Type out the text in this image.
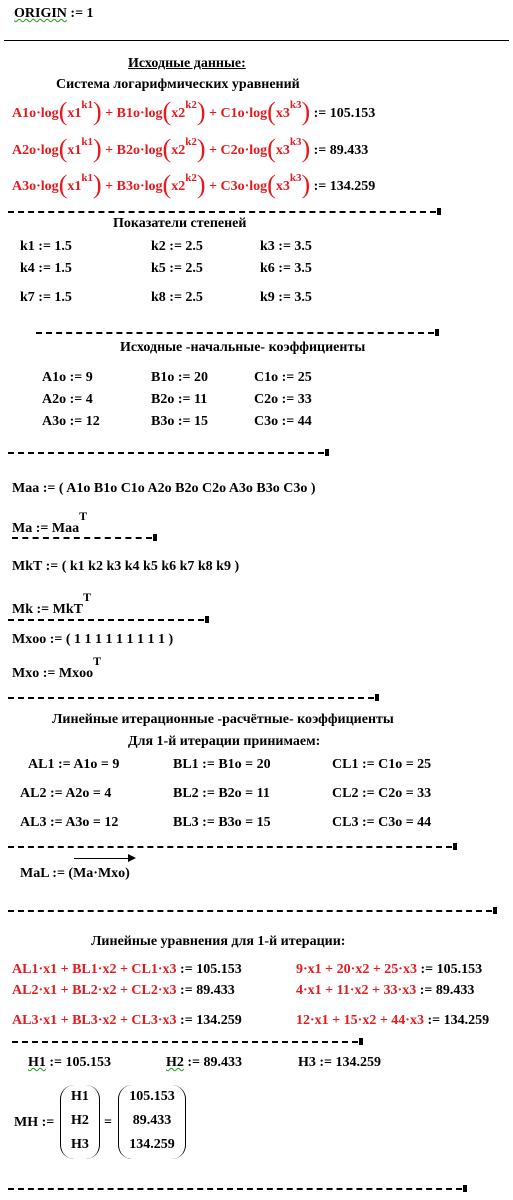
ORIGIN := 1
Исходные данные:
Система логарифмических уравнений
$A1o\cdot\log(x1^{k1}) + B1o\cdot\log(x2^{k2}) + C1o\cdot\log(x3^{k3})$ := 105.153
$A2o\cdot\log(x1^{k1}) + B2o\cdot\log(x2^{k2}) + C2o\cdot\log(x3^{k3})$ := 89.433
$A3o\cdot\log(x1^{k1}) + B3o\cdot\log(x2^{k2}) + C3o\cdot\log(x3^{k3})$ := 134.259
Показатели степеней
k1 := 1.5	k2 := 2.5	k3 := 3.5
k4 := 1.5	k5 := 2.5	k6 := 3.5
k7 := 1.5	k8 := 2.5	k9 := 3.5
Исходные -начальные- коэффициенты
A1o := 9	B1o := 20	C1o := 25
A2o := 4	B2o := 11	C2o := 33
A3o := 12	B3o := 15	C3o := 44
Maa := ( A1o B1o C1o A2o B2o C2o A3o B3o C3o )
Ma := Maa$^T$
MkT := ( k1 k2 k3 k4 k5 k6 k7 k8 k9 )
Mk := MkT$^T$
Mxoo := ( 1 1 1 1 1 1 1 1 1 )
Mxo := Mxoo$^T$
Линейные итерационные -расчётные- коэффициенты
Для 1-й итерации принимаем:
AL1 := A1o = 9	BL1 := B1o = 20	CL1 := C1o = 25
AL2 := A2o = 4	BL2 := B2o = 11	CL2 := C2o = 33
AL3 := A3o = 12	BL3 := B3o = 15	CL3 := C3o = 44
MaL := (Ma·Mxo)
Линейные уравнения для 1-й итерации:
AL1·x1 + BL1·x2 + CL1·x3 := 105.153	9·x1 + 20·x2 + 25·x3 := 105.153
AL2·x1 + BL2·x2 + CL2·x3 := 89.433	4·x1 + 11·x2 + 33·x3 := 89.433
AL3·x1 + BL3·x2 + CL3·x3 := 134.259	12·x1 + 15·x2 + 44·x3 := 134.259
H1 := 105.153	H2 := 89.433	H3 := 134.259
MH :=
H1
H2
H3
=
105.153
89.433
134.259
